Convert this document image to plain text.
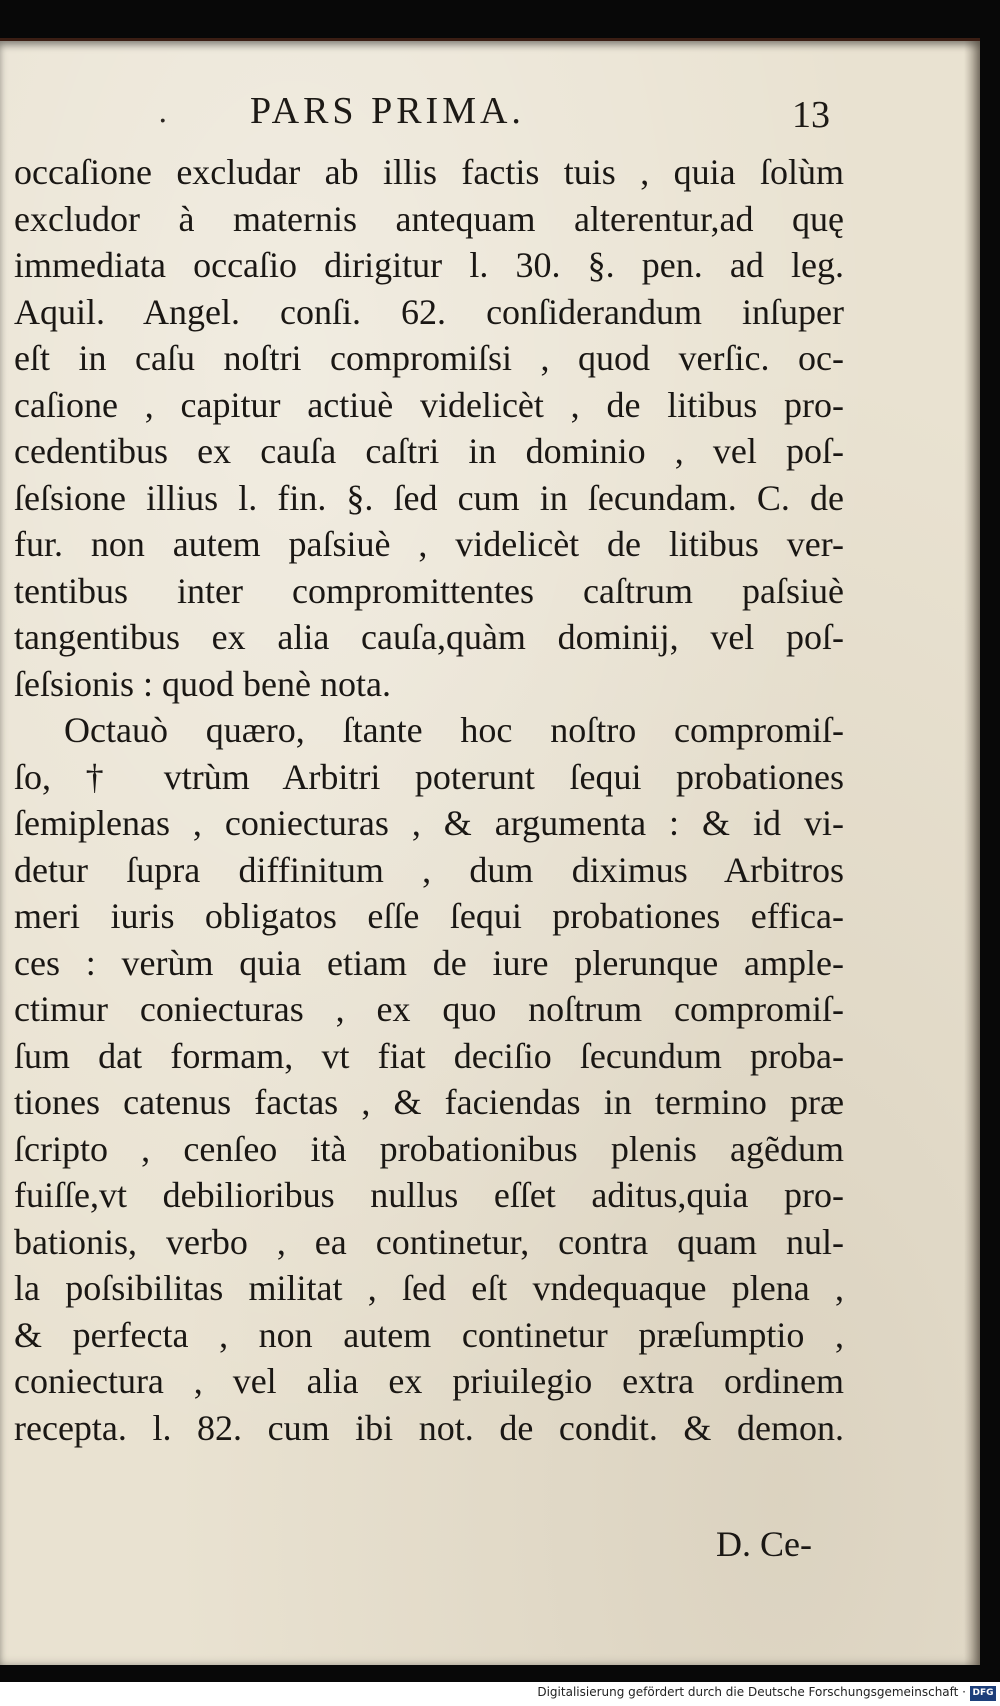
. PARS PRIMA.	13
occaſione excludar ab illis factis tuis , quia ſolùm
excludor à maternis antequam alterentur,ad quę
immediata occaſio dirigitur l. 30. §. pen. ad leg.
Aquil. Angel. conſi. 62. conſiderandum inſuper
eſt in caſu noſtri compromiſsi , quod verſic. oc-
caſione , capitur actiuè videlicèt , de litibus pro-
cedentibus ex cauſa caſtri in dominio , vel poſ-
ſeſsione illius l. fin. §. ſed cum in ſecundam. C. de
fur. non autem paſsiuè , videlicèt de litibus ver-
tentibus inter compromittentes caſtrum paſsiuè
tangentibus ex alia cauſa,quàm dominij, vel poſ-
ſeſsionis : quod benè nota.
Octauò quæro, ſtante hoc noſtro compromiſ-
ſo, † vtrùm Arbitri poterunt ſequi probationes
ſemiplenas , coniecturas , & argumenta : & id vi-
detur ſupra diffinitum , dum diximus Arbitros
meri iuris obligatos eſſe ſequi probationes effica-
ces : verùm quia etiam de iure plerunque ample-
ctimur coniecturas , ex quo noſtrum compromiſ-
ſum dat formam, vt fiat deciſio ſecundum proba-
tiones catenus factas , & faciendas in termino præ
ſcripto , cenſeo ità probationibus plenis agẽdum
fuiſſe,vt debilioribus nullus eſſet aditus,quia pro-
bationis, verbo , ea continetur, contra quam nul-
la poſsibilitas militat , ſed eſt vndequaque plena ,
& perfecta , non autem continetur præſumptio ,
coniectura , vel alia ex priuilegio extra ordinem
recepta. l. 82. cum ibi not. de condit. & demon.
D. Ce-
Digitalisierung gefördert durch die Deutsche Forschungsgemeinschaft · DFG
